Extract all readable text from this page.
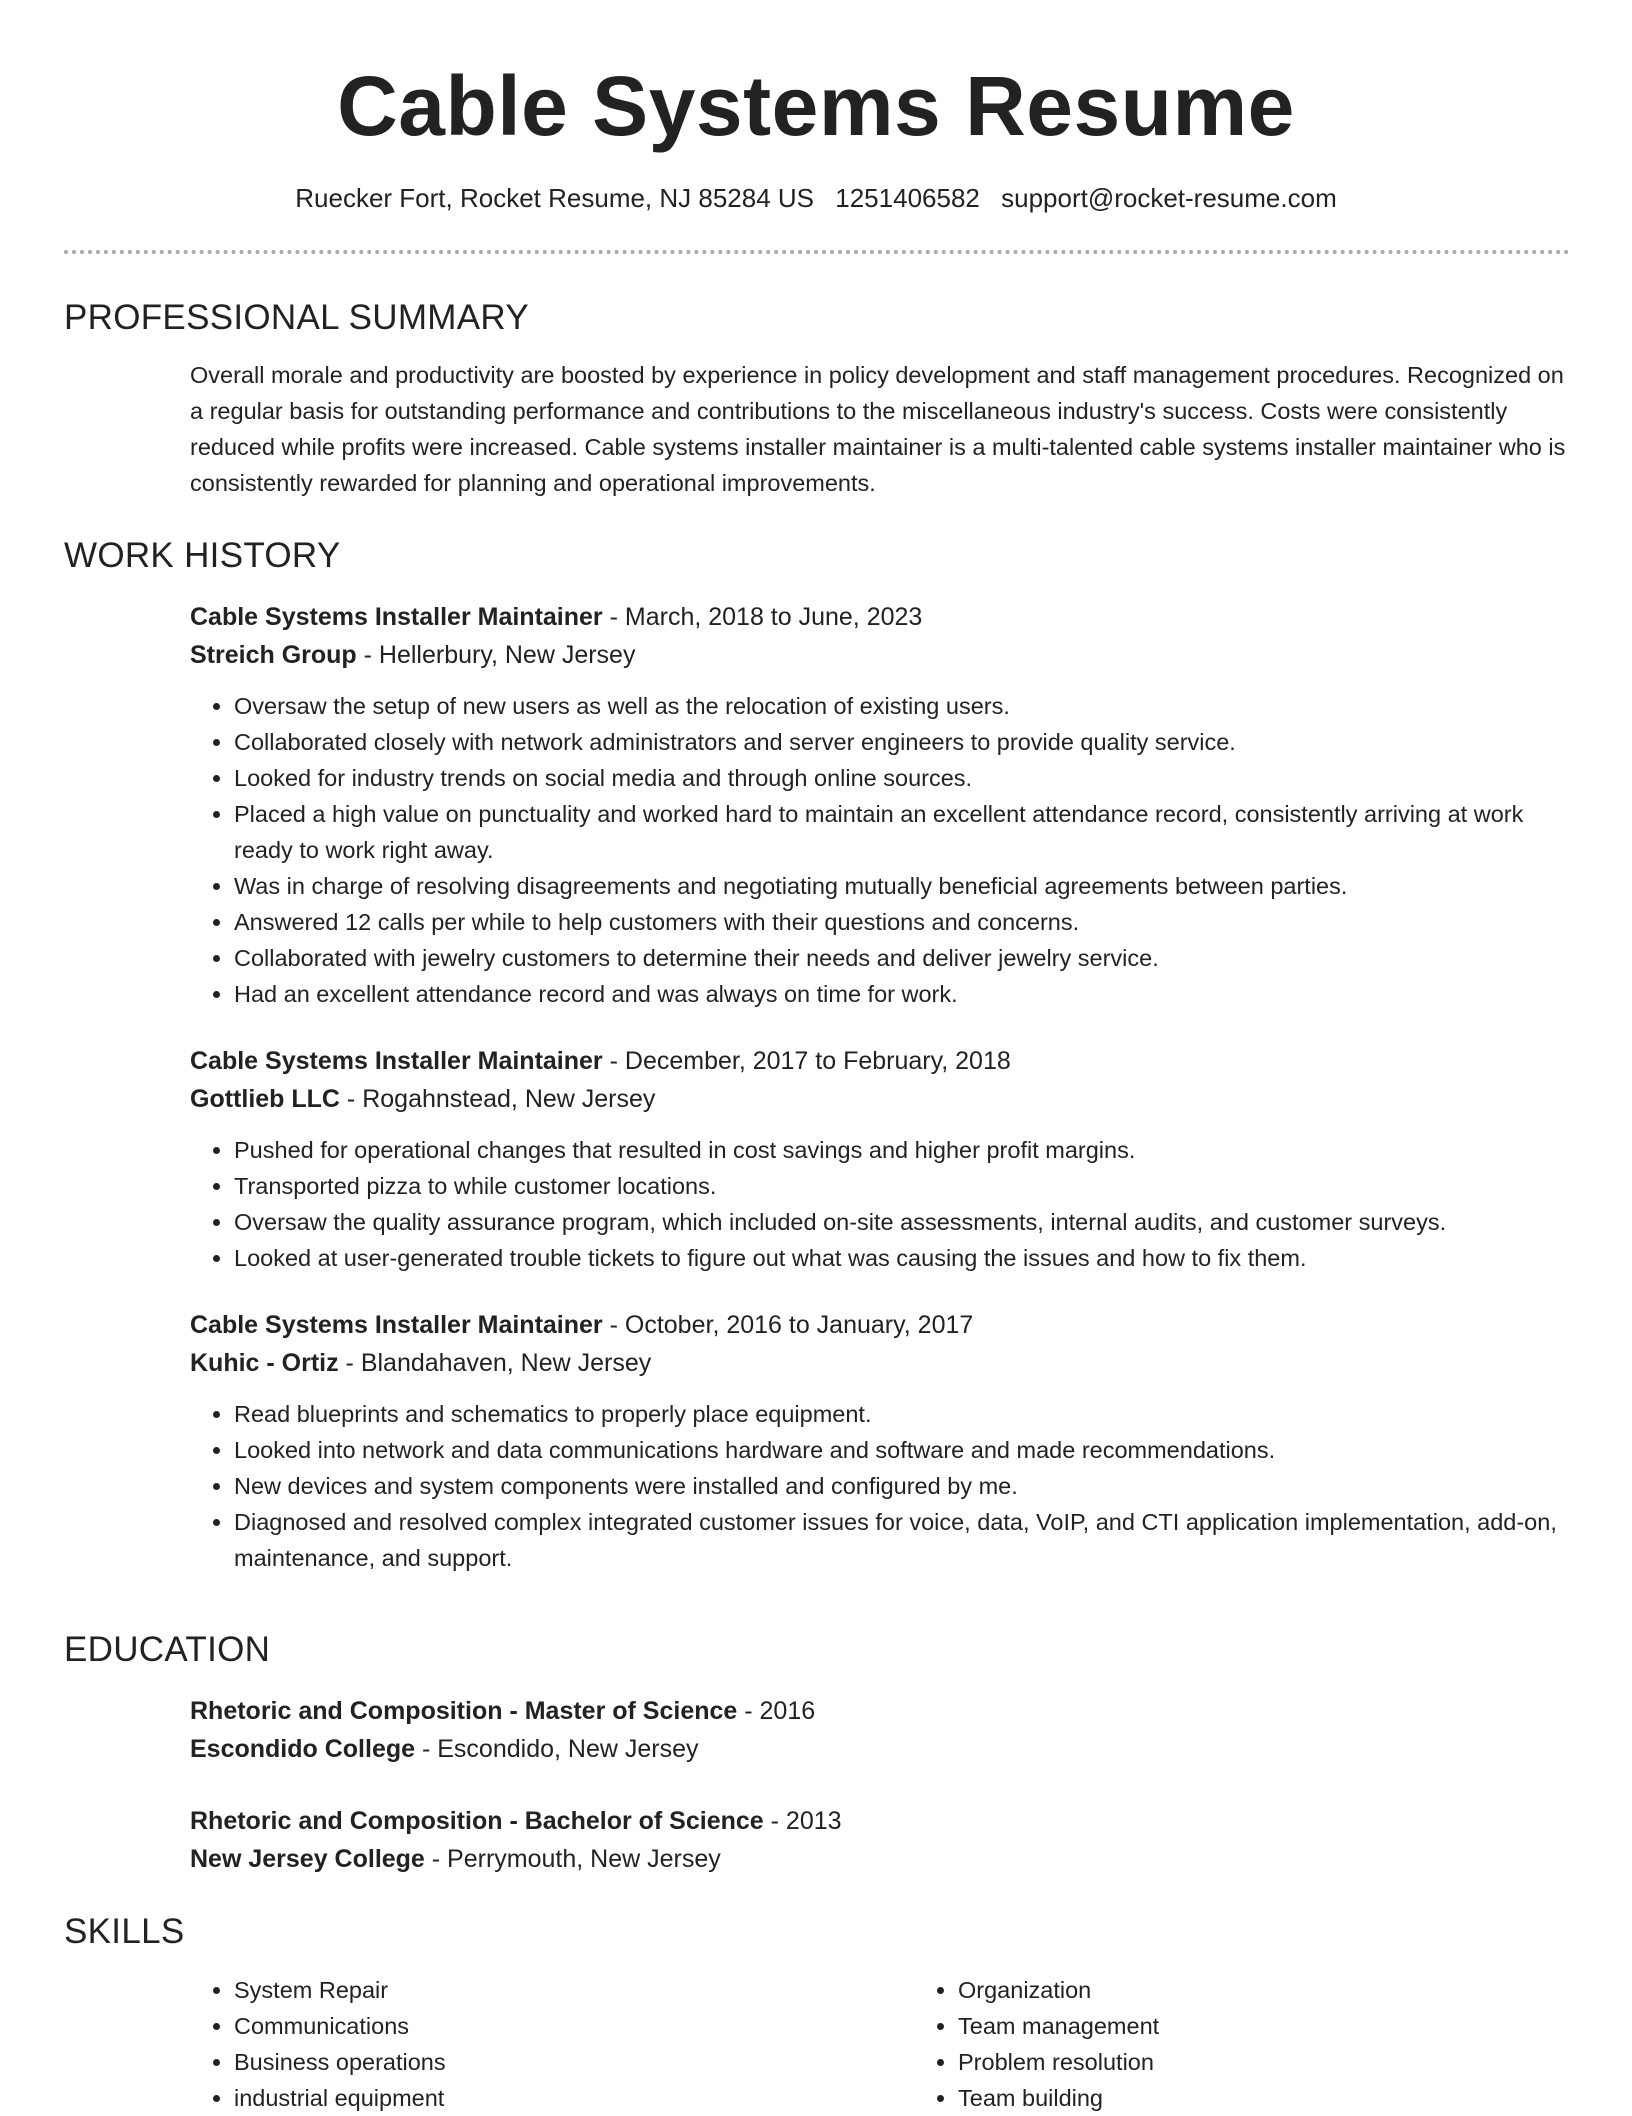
Cable Systems Resume
Ruecker Fort, Rocket Resume, NJ 85284 US 1251406582 support@rocket-resume.com
PROFESSIONAL SUMMARY

Overall morale and productivity are boosted by experience in policy development and staff management procedures. Recognized on a regular basis for outstanding performance and contributions to the miscellaneous industry's success. Costs were consistently reduced while profits were increased. Cable systems installer maintainer is a multi-talented cable systems installer maintainer who is consistently rewarded for planning and operational improvements.

WORK HISTORY
Cable Systems Installer Maintainer - March, 2018 to June, 2023
Streich Group - Hellerbury, New Jersey
• Oversaw the setup of new users as well as the relocation of existing users.
• Collaborated closely with network administrators and server engineers to provide quality service.
• Looked for industry trends on social media and through online sources.
• Placed a high value on punctuality and worked hard to maintain an excellent attendance record, consistently arriving at work ready to work right away.
• Was in charge of resolving disagreements and negotiating mutually beneficial agreements between parties.
• Answered 12 calls per while to help customers with their questions and concerns.
• Collaborated with jewelry customers to determine their needs and deliver jewelry service.
• Had an excellent attendance record and was always on time for work.
Cable Systems Installer Maintainer - December, 2017 to February, 2018
Gottlieb LLC - Rogahnstead, New Jersey
• Pushed for operational changes that resulted in cost savings and higher profit margins.
• Transported pizza to while customer locations.
• Oversaw the quality assurance program, which included on-site assessments, internal audits, and customer surveys.
• Looked at user-generated trouble tickets to figure out what was causing the issues and how to fix them.
Cable Systems Installer Maintainer - October, 2016 to January, 2017
Kuhic - Ortiz - Blandahaven, New Jersey
• Read blueprints and schematics to properly place equipment.
• Looked into network and data communications hardware and software and made recommendations.
• New devices and system components were installed and configured by me.
• Diagnosed and resolved complex integrated customer issues for voice, data, VoIP, and CTI application implementation, add-on, maintenance, and support.
EDUCATION
Rhetoric and Composition - Master of Science - 2016
Escondido College - Escondido, New Jersey
Rhetoric and Composition - Bachelor of Science - 2013
New Jersey College - Perrymouth, New Jersey
SKILLS
• System Repair
• Communications
• Business operations
• industrial equipment
• Organization
• Team management
• Problem resolution
• Team building
